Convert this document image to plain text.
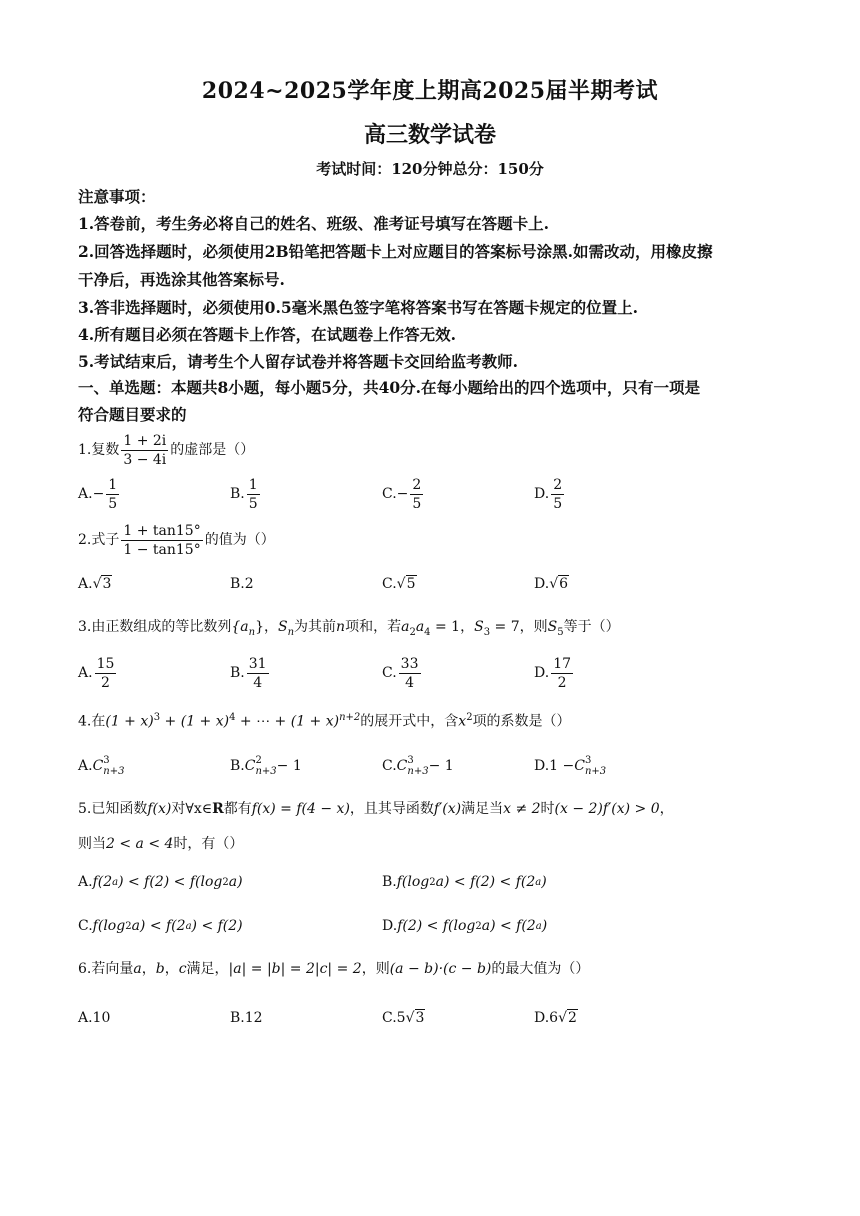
2024~2025学年度上期高2025届半期考试
高三数学试卷
考试时间：120分钟总分：150分
注意事项：
1.答卷前，考生务必将自己的姓名、班级、准考证号填写在答题卡上.
2.回答选择题时，必须使用2B铅笔把答题卡上对应题目的答案标号涂黑.如需改动，用橡皮擦
干净后，再选涂其他答案标号.
3.答非选择题时，必须使用0.5毫米黑色签字笔将答案书写在答题卡规定的位置上.
4.所有题目必须在答题卡上作答，在试题卷上作答无效.
5.考试结束后，请考生个人留存试卷并将答题卡交回给监考教师.
一、单选题：本题共8小题，每小题5分，共40分.在每小题给出的四个选项中，只有一项是
符合题目要求的
1.复数 $\frac{1 + 2i}{3 - 4i}$ 的虚部是（）
A. − $\frac{1}{5}$	B. $\frac{1}{5}$	C. − $\frac{2}{5}$	D. $\frac{2}{5}$
2.式子 $\frac{1 + \tan 15^\circ}{1 - \tan 15^\circ}$ 的值为（）
A. √3	B.2	C. √5	D. √6
3.由正数组成的等比数列$\{a_n\}$，$S_n$为其前n项和，若$a_2a_4 = 1$，$S_3 = 7$，则$S_5$等于（）
A. $\frac{15}{2}$	B. $\frac{31}{4}$	C. $\frac{33}{4}$	D. $\frac{17}{2}$
4.在$(1 + x)^3 + (1 + x)^4$ + ⋯ + $(1 + x)^{n+2}$的展开式中，含$x^2$项的系数是（）
A. C 3
n+3	B. C 2
n+3 − 1	C. C 3
n+3 − 1	D.1 − C 3
n+3
5.已知函数f(x)对∀x∈R都有f(x) = f(4 − x)，且其导函数f′(x)满足当x ≠ 2时(x − 2)f′(x) > 0，
则当2 < a < 4时，有（）
A. f(2 a ) < f(2) < f(log 2 a)	B. f(log 2 a) < f(2) < f(2 a )
C. f(log 2 a) < f(2 a ) < f(2)	D. f(2) < f(log 2 a) < f(2 a )
6.若向量a，b，c满足，|a| = |b| = 2|c| = 2，则(a − b)·(c − b)的最大值为（）
A.10	B.12	C.5 √3	D.6 √2
